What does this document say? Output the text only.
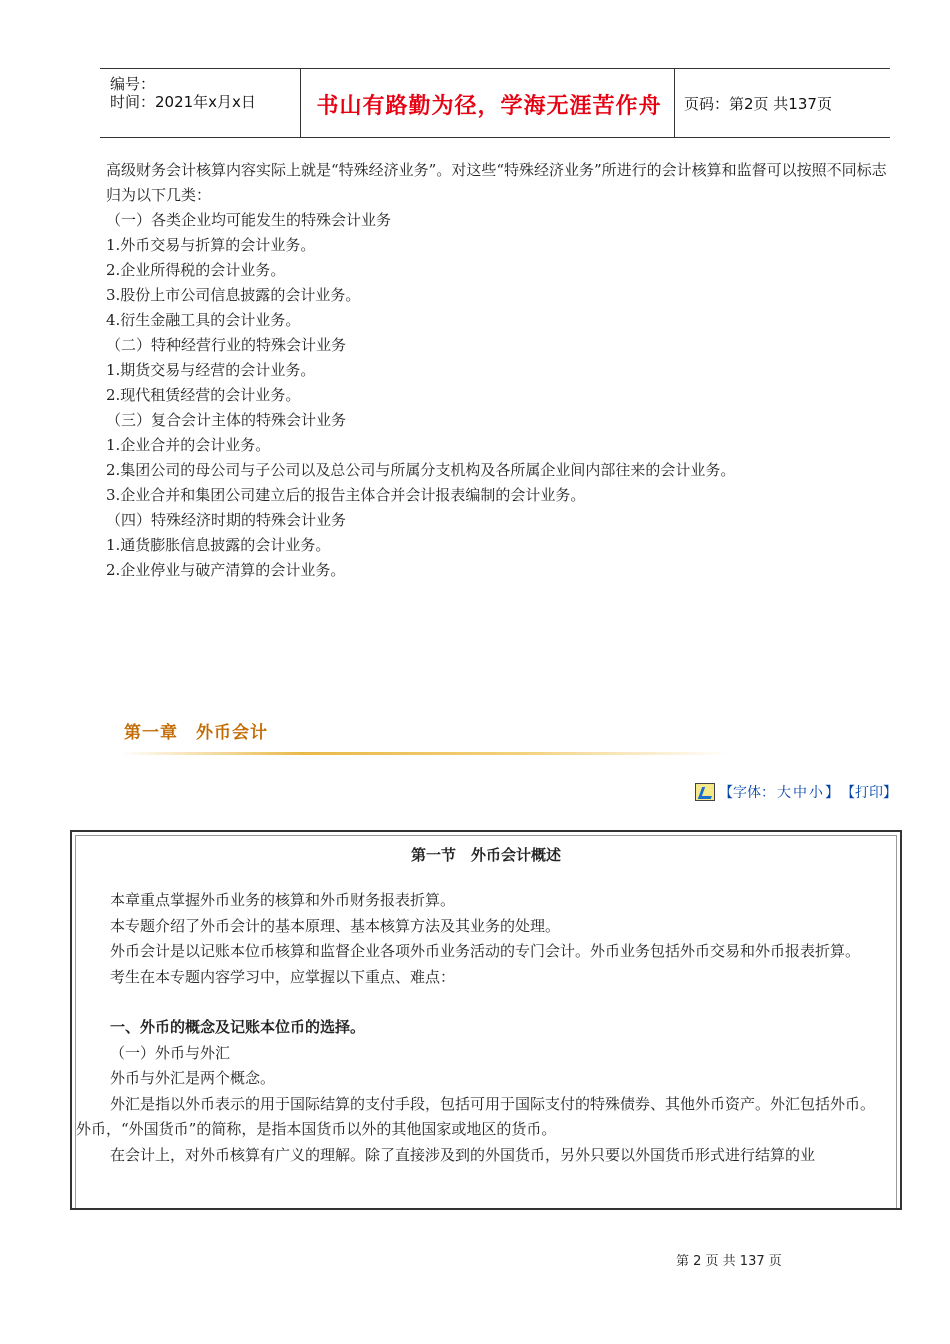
编号：
时间：2021年x月x日	书山有路勤为径，学海无涯苦作舟	页码：第2页 共137页

高级财务会计核算内容实际上就是“特殊经济业务”。对这些“特殊经济业务”所进行的会计核算和监督可以按照不同标志归为以下几类：

（一）各类企业均可能发生的特殊会计业务

1.外币交易与折算的会计业务。

2.企业所得税的会计业务。

3.股份上市公司信息披露的会计业务。

4.衍生金融工具的会计业务。

（二）特种经营行业的特殊会计业务

1.期货交易与经营的会计业务。

2.现代租赁经营的会计业务。

（三）复合会计主体的特殊会计业务

1.企业合并的会计业务。

2.集团公司的母公司与子公司以及总公司与所属分支机构及各所属企业间内部往来的会计业务。

3.企业合并和集团公司建立后的报告主体合并会计报表编制的会计业务。

（四）特殊经济时期的特殊会计业务

1.通货膨胀信息披露的会计业务。

2.企业停业与破产清算的会计业务。

第一章　外币会计
【字体： 大 中 小 】 【打印】
第一节　外币会计概述

本章重点掌握外币业务的核算和外币财务报表折算。

本专题介绍了外币会计的基本原理、基本核算方法及其业务的处理。

外币会计是以记账本位币核算和监督企业各项外币业务活动的专门会计。外币业务包括外币交易和外币报表折算。

考生在本专题内容学习中，应掌握以下重点、难点：

一、外币的概念及记账本位币的选择。

（一）外币与外汇

外币与外汇是两个概念。

外汇是指以外币表示的用于国际结算的支付手段，包括可用于国际支付的特殊债券、其他外币资产。外汇包括外币。

外币，“外国货币”的简称，是指本国货币以外的其他国家或地区的货币。

在会计上，对外币核算有广义的理解。除了直接涉及到的外国货币，另外只要以外国货币形式进行结算的业

第 2 页 共 137 页
